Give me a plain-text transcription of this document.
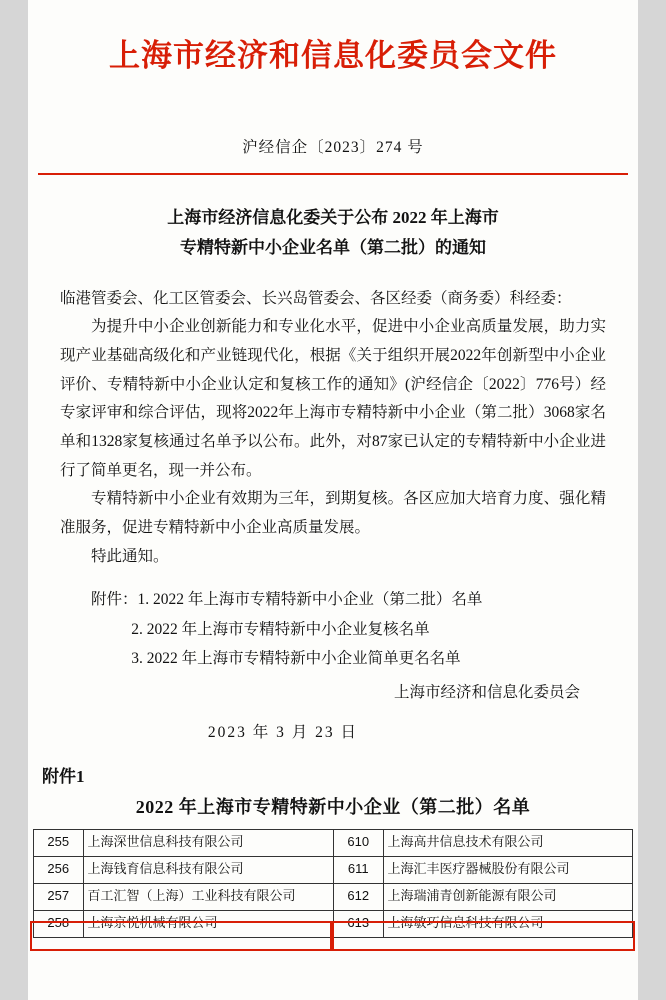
上海市经济和信息化委员会文件
沪经信企〔2023〕274 号
上海市经济信息化委关于公布 2022 年上海市
专精特新中小企业名单（第二批）的通知

临港管委会、化工区管委会、长兴岛管委会、各区经委（商务委）科经委：

为提升中小企业创新能力和专业化水平，促进中小企业高质量发展，助力实现产业基础高级化和产业链现代化，根据《关于组织开展2022年创新型中小企业评价、专精特新中小企业认定和复核工作的通知》(沪经信企〔2022〕776号）经专家评审和综合评估，现将2022年上海市专精特新中小企业（第二批）3068家名单和1328家复核通过名单予以公布。此外，对87家已认定的专精特新中小企业进行了简单更名，现一并公布。

专精特新中小企业有效期为三年，到期复核。各区应加大培育力度、强化精准服务，促进专精特新中小企业高质量发展。

特此通知。

附件：1. 2022 年上海市专精特新中小企业（第二批）名单
2. 2022 年上海市专精特新中小企业复核名单
3. 2022 年上海市专精特新中小企业简单更名名单
上海市经济和信息化委员会
2023 年 3 月 23 日
附件1
2022 年上海市专精特新中小企业（第二批）名单
255	上海深世信息科技有限公司	610	上海高井信息技术有限公司
256	上海钱育信息科技有限公司	611	上海汇丰医疗器械股份有限公司
257	百工汇智（上海）工业科技有限公司	612	上海瑞浦青创新能源有限公司
258	上海京悦机械有限公司	613	上海敏巧信息科技有限公司
